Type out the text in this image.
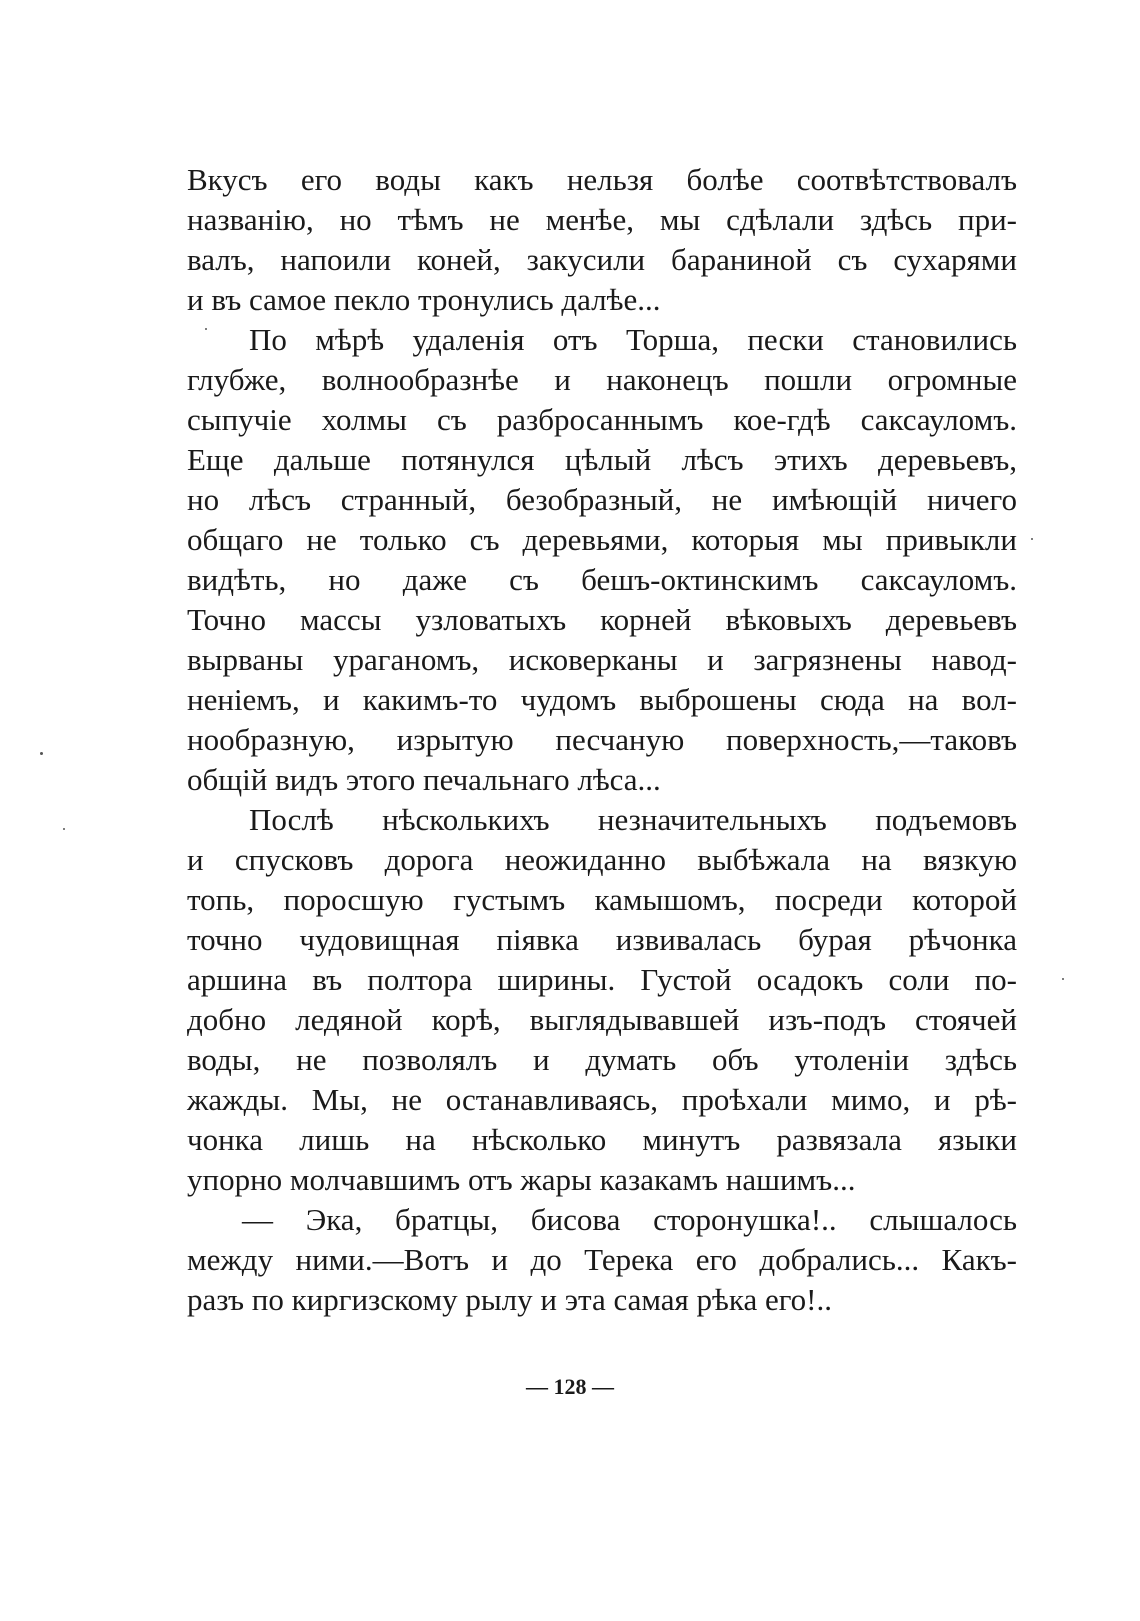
Вкусъ его воды какъ нельзя болѣе соотвѣтствовалъ
названію, но тѣмъ не менѣе, мы сдѣлали здѣсь при-
валъ, напоили коней, закусили бараниной съ сухарями
и въ самое пекло тронулись далѣе...
По мѣрѣ удаленія отъ Торша, пески становились
глубже, волнообразнѣе и наконецъ пошли огромные
сыпучіе холмы съ разбросаннымъ кое-гдѣ саксауломъ.
Еще дальше потянулся цѣлый лѣсъ этихъ деревьевъ,
но лѣсъ странный, безобразный, не имѣющій ничего
общаго не только съ деревьями, которыя мы привыкли
видѣть, но даже съ бешъ-октинскимъ саксауломъ.
Точно массы узловатыхъ корней вѣковыхъ деревьевъ
вырваны ураганомъ, исковерканы и загрязнены навод-
неніемъ, и какимъ-то чудомъ выброшены сюда на вол-
нообразную, изрытую песчаную поверхность,—таковъ
общій видъ этого печальнаго лѣса...
Послѣ нѣсколькихъ незначительныхъ подъемовъ
и спусковъ дорога неожиданно выбѣжала на вязкую
топь, поросшую густымъ камышомъ, посреди которой
точно чудовищная піявка извивалась бурая рѣчонка
аршина въ полтора ширины. Густой осадокъ соли по-
добно ледяной корѣ, выглядывавшей изъ-подъ стоячей
воды, не позволялъ и думать объ утоленіи здѣсь
жажды. Мы, не останавливаясь, проѣхали мимо, и рѣ-
чонка лишь на нѣсколько минутъ развязала языки
упорно молчавшимъ отъ жары казакамъ нашимъ...
— Эка, братцы, бисова сторонушка!.. слышалось
между ними.—Вотъ и до Терека его добрались... Какъ-
разъ по киргизскому рылу и эта самая рѣка его!..
— 128 —
